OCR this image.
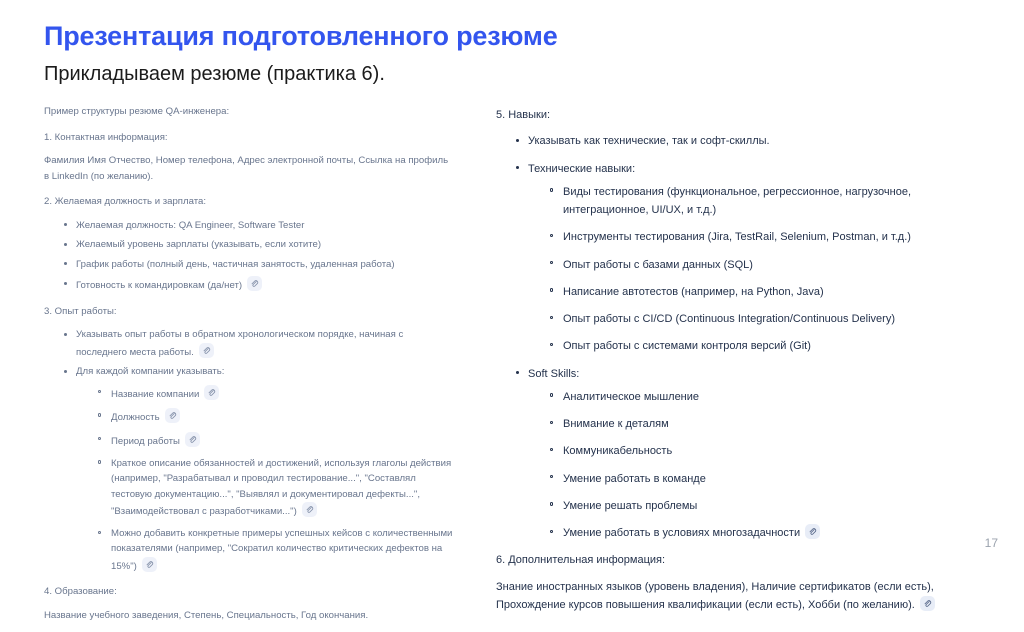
Презентация подготовленного резюме
Прикладываем резюме (практика 6).

Пример структуры резюме QA-инженера:

1. Контактная информация:

Фамилия Имя Отчество, Номер телефона, Адрес электронной почты, Ссылка на профиль в LinkedIn (по желанию).

2. Желаемая должность и зарплата:

Желаемая должность: QA Engineer, Software Tester
Желаемый уровень зарплаты (указывать, если хотите)
График работы (полный день, частичная занятость, удаленная работа)
Готовность к командировкам (да/нет)

3. Опыт работы:

Указывать опыт работы в обратном хронологическом порядке, начиная с последнего места работы.
Для каждой компании указывать:
Название компании
Должность
Период работы
Краткое описание обязанностей и достижений, используя глаголы действия (например, "Разрабатывал и проводил тестирование...", "Составлял тестовую документацию...", "Выявлял и документировал дефекты...", "Взаимодействовал с разработчиками...")
Можно добавить конкретные примеры успешных кейсов с количественными показателями (например, "Сократил количество критических дефектов на 15%")

4. Образование:

Название учебного заведения, Степень, Специальность, Год окончания.

5. Навыки:

Указывать как технические, так и софт-скиллы.
Технические навыки:
Виды тестирования (функциональное, регрессионное, нагрузочное, интеграционное, UI/UX, и т.д.)
Инструменты тестирования (Jira, TestRail, Selenium, Postman, и т.д.)
Опыт работы с базами данных (SQL)
Написание автотестов (например, на Python, Java)
Опыт работы с CI/CD (Continuous Integration/Continuous Delivery)
Опыт работы с системами контроля версий (Git)
Soft Skills:
Аналитическое мышление
Внимание к деталям
Коммуникабельность
Умение работать в команде
Умение решать проблемы
Умение работать в условиях многозадачности

6. Дополнительная информация:

Знание иностранных языков (уровень владения), Наличие сертификатов (если есть), Прохождение курсов повышения квалификации (если есть), Хобби (по желанию).

17
